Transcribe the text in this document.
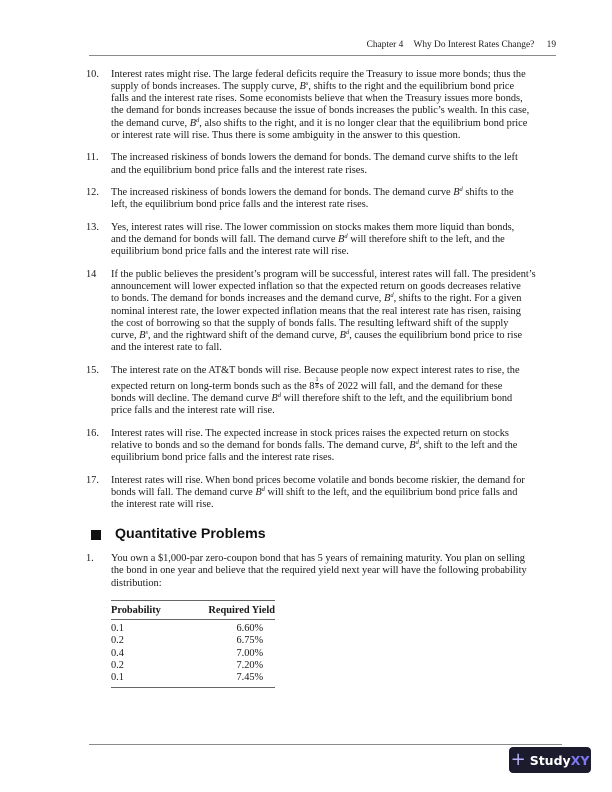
Chapter 4 Why Do Interest Rates Change? 19
10. Interest rates might rise. The large federal deficits require the Treasury to issue more bonds; thus the
supply of bonds increases. The supply curve, $B^s$, shifts to the right and the equilibrium bond price
falls and the interest rate rises. Some economists believe that when the Treasury issues more bonds,
the demand for bonds increases because the issue of bonds increases the public’s wealth. In this case,
the demand curve, $B^d$, also shifts to the right, and it is no longer clear that the equilibrium bond price
or interest rate will rise. Thus there is some ambiguity in the answer to this question.
11. The increased riskiness of bonds lowers the demand for bonds. The demand curve shifts to the left
and the equilibrium bond price falls and the interest rate rises.
12. The increased riskiness of bonds lowers the demand for bonds. The demand curve $B^d$ shifts to the
left, the equilibrium bond price falls and the interest rate rises.
13. Yes, interest rates will rise. The lower commission on stocks makes them more liquid than bonds,
and the demand for bonds will fall. The demand curve $B^d$ will therefore shift to the left, and the
equilibrium bond price falls and the interest rate will rise.
14 If the public believes the president’s program will be successful, interest rates will fall. The president’s
announcement will lower expected inflation so that the expected return on goods decreases relative
to bonds. The demand for bonds increases and the demand curve, $B^d$, shifts to the right. For a given
nominal interest rate, the lower expected inflation means that the real interest rate has risen, raising
the cost of borrowing so that the supply of bonds falls. The resulting leftward shift of the supply
curve, $B^s$, and the rightward shift of the demand curve, $B^d$, causes the equilibrium bond price to rise
and the interest rate to fall.
15. The interest rate on the AT&T bonds will rise. Because people now expect interest rates to rise, the
expected return on long-term bonds such as the $8 \frac{1}{8}$ s of 2022 will fall, and the demand for these
bonds will decline. The demand curve $B^d$ will therefore shift to the left, and the equilibrium bond
price falls and the interest rate will rise.
16. Interest rates will rise. The expected increase in stock prices raises the expected return on stocks
relative to bonds and so the demand for bonds falls. The demand curve, $B^d$, shift to the left and the
equilibrium bond price falls and the interest rate rises.
17. Interest rates will rise. When bond prices become volatile and bonds become riskier, the demand for
bonds will fall. The demand curve $B^d$ will shift to the left, and the equilibrium bond price falls and
the interest rate will rise.
Quantitative Problems
1. You own a $1,000-par zero-coupon bond that has 5 years of remaining maturity. You plan on selling
the bond in one year and believe that the required yield next year will have the following probability
distribution:
Probability	Required Yield
0.1	6.60%
0.2	6.75%
0.4	7.00%
0.2	7.20%
0.1	7.45%
+ Study XY
